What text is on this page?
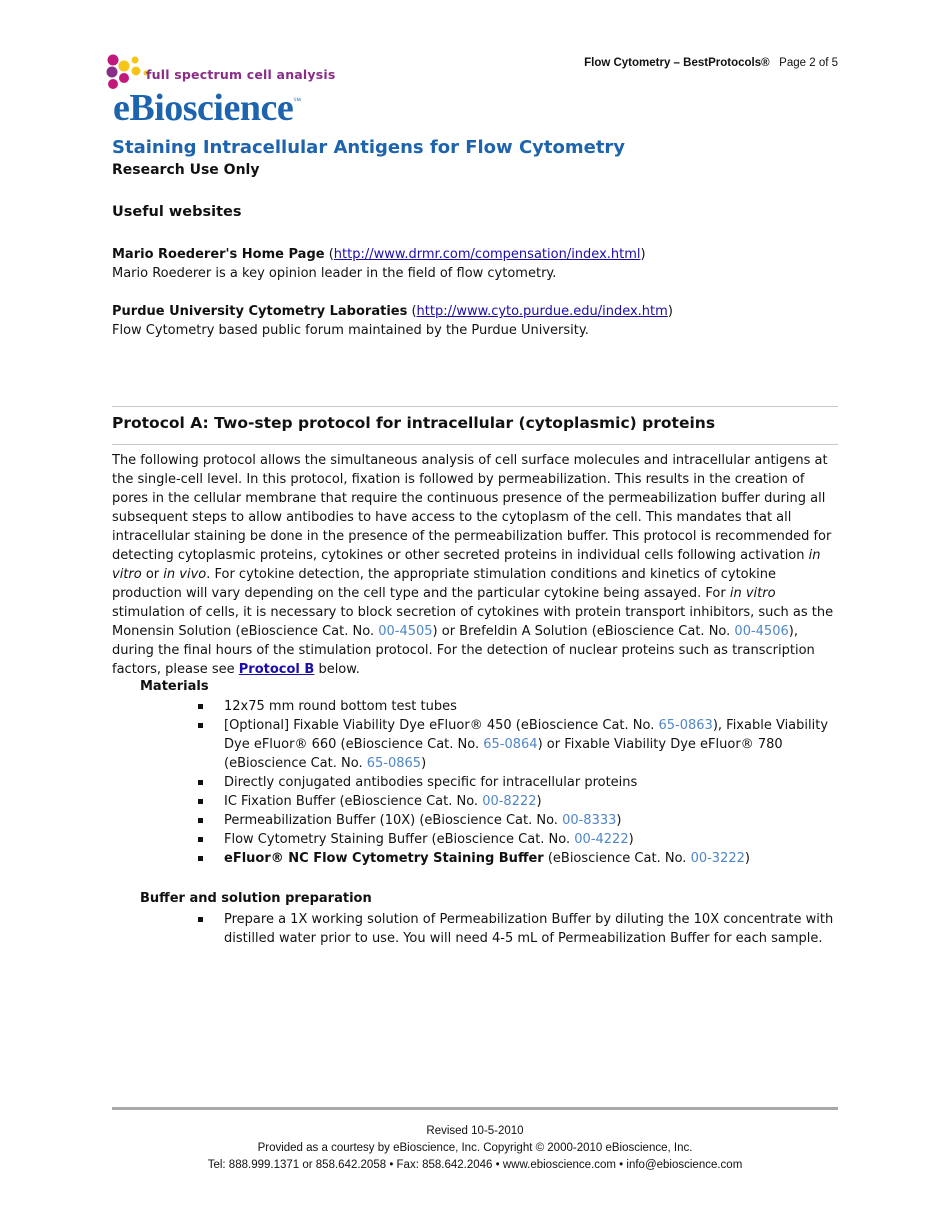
Flow Cytometry – BestProtocols® Page 2 of 5
full spectrum cell analysis
eBioscience™
Staining Intracellular Antigens for Flow Cytometry
Research Use Only
Useful websites
Mario Roederer's Home Page (http://www.drmr.com/compensation/index.html)
Mario Roederer is a key opinion leader in the field of flow cytometry.
Purdue University Cytometry Laboraties (http://www.cyto.purdue.edu/index.htm)
Flow Cytometry based public forum maintained by the Purdue University.
Protocol A: Two-step protocol for intracellular (cytoplasmic) proteins
The following protocol allows the simultaneous analysis of cell surface molecules and intracellular antigens at the single-cell level. In this protocol, fixation is followed by permeabilization. This results in the creation of pores in the cellular membrane that require the continuous presence of the permeabilization buffer during all subsequent steps to allow antibodies to have access to the cytoplasm of the cell. This mandates that all intracellular staining be done in the presence of the permeabilization buffer. This protocol is recommended for detecting cytoplasmic proteins, cytokines or other secreted proteins in individual cells following activation in vitro or in vivo. For cytokine detection, the appropriate stimulation conditions and kinetics of cytokine production will vary depending on the cell type and the particular cytokine being assayed. For in vitro stimulation of cells, it is necessary to block secretion of cytokines with protein transport inhibitors, such as the Monensin Solution (eBioscience Cat. No. 00-4505) or Brefeldin A Solution (eBioscience Cat. No. 00-4506), during the final hours of the stimulation protocol. For the detection of nuclear proteins such as transcription factors, please see Protocol B below.
Materials
12x75 mm round bottom test tubes
[Optional] Fixable Viability Dye eFluor® 450 (eBioscience Cat. No. 65-0863), Fixable Viability Dye eFluor® 660 (eBioscience Cat. No. 65-0864) or Fixable Viability Dye eFluor® 780 (eBioscience Cat. No. 65-0865)
Directly conjugated antibodies specific for intracellular proteins
IC Fixation Buffer (eBioscience Cat. No. 00-8222)
Permeabilization Buffer (10X) (eBioscience Cat. No. 00-8333)
Flow Cytometry Staining Buffer (eBioscience Cat. No. 00-4222)
eFluor® NC Flow Cytometry Staining Buffer (eBioscience Cat. No. 00-3222)
Buffer and solution preparation
Prepare a 1X working solution of Permeabilization Buffer by diluting the 10X concentrate with distilled water prior to use. You will need 4-5 mL of Permeabilization Buffer for each sample.
Revised 10-5-2010
Provided as a courtesy by eBioscience, Inc. Copyright © 2000-2010 eBioscience, Inc.
Tel: 888.999.1371 or 858.642.2058 • Fax: 858.642.2046 • www.ebioscience.com • info@ebioscience.com
